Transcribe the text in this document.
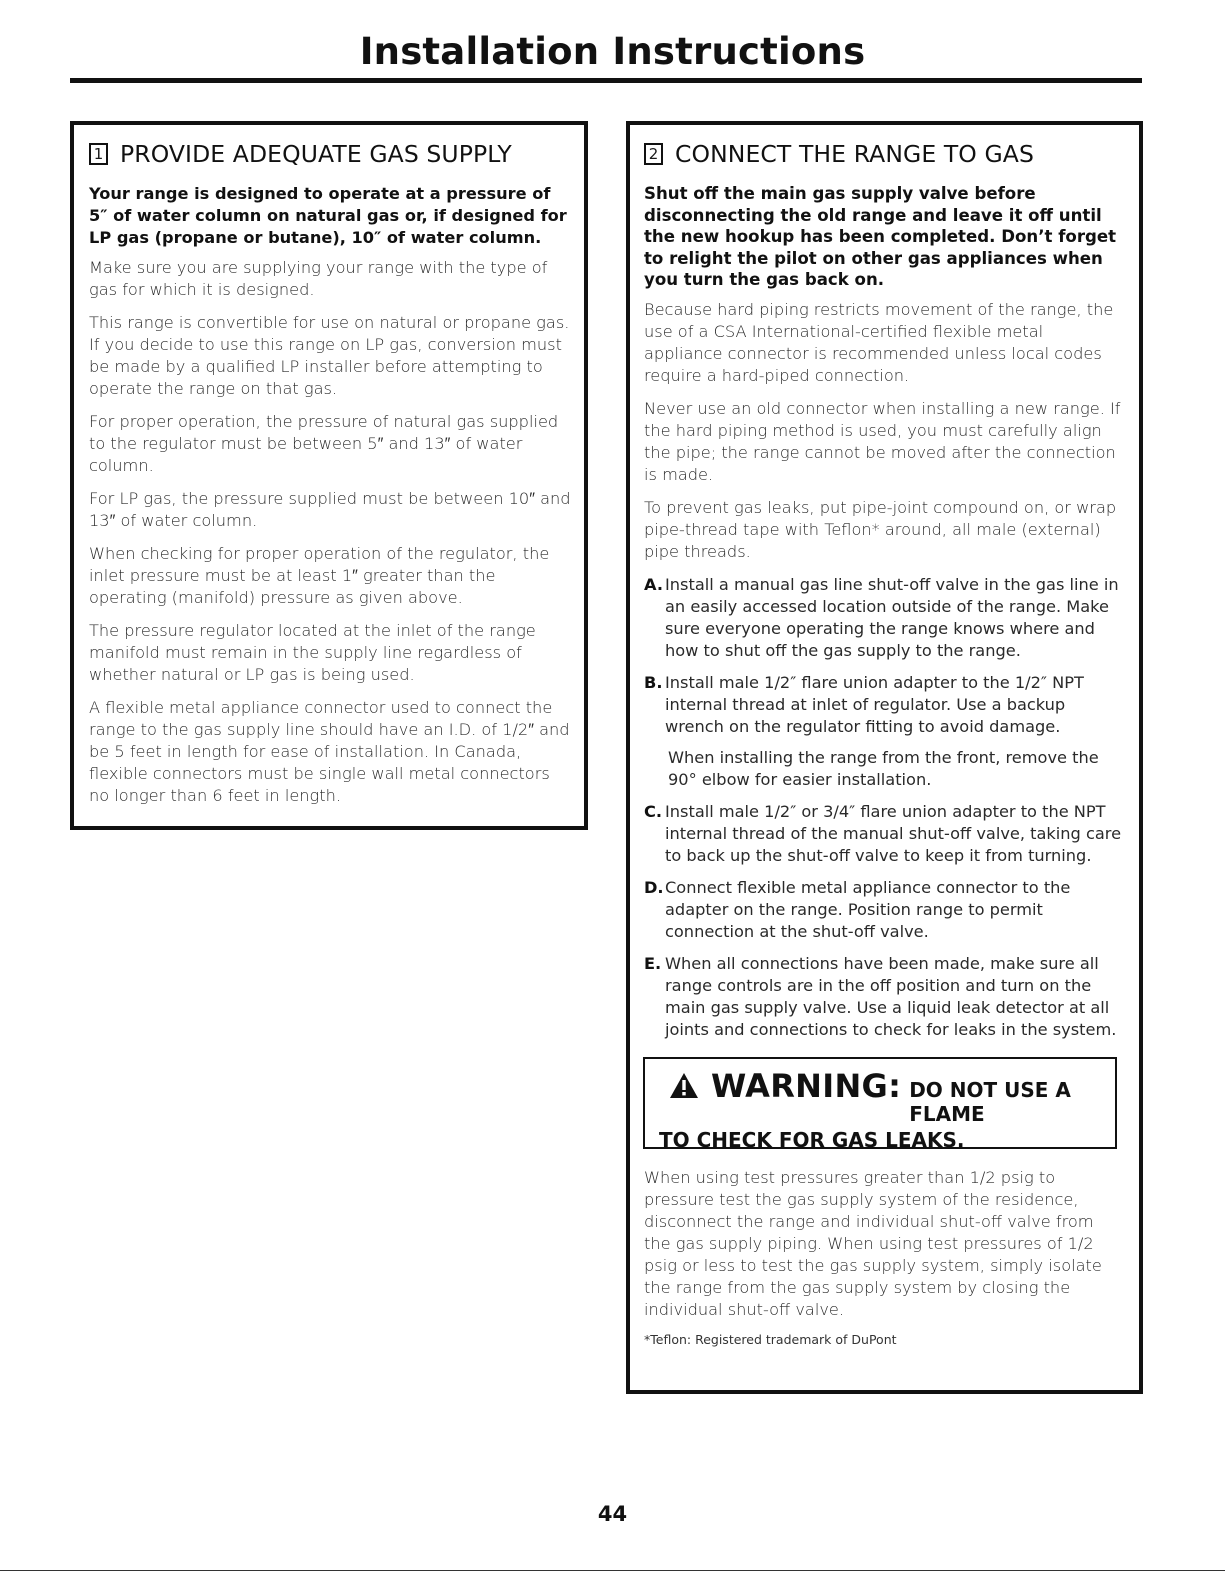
Installation Instructions
1 PROVIDE ADEQUATE GAS SUPPLY
Your range is designed to operate at a pressure of 5″ of water column on natural gas or, if designed for LP gas (propane or butane), 10″ of water column.

Make sure you are supplying your range with the type of gas for which it is designed.

This range is convertible for use on natural or propane gas. If you decide to use this range on LP gas, conversion must be made by a qualified LP installer before attempting to operate the range on that gas.

For proper operation, the pressure of natural gas supplied to the regulator must be between 5″ and 13″ of water column.

For LP gas, the pressure supplied must be between 10″ and 13″ of water column.

When checking for proper operation of the regulator, the inlet pressure must be at least 1″ greater than the operating (manifold) pressure as given above.

The pressure regulator located at the inlet of the range manifold must remain in the supply line regardless of whether natural or LP gas is being used.

A flexible metal appliance connector used to connect the range to the gas supply line should have an I.D. of 1/2″ and be 5 feet in length for ease of installation. In Canada, flexible connectors must be single wall metal connectors no longer than 6 feet in length.

2 CONNECT THE RANGE TO GAS
Shut off the main gas supply valve before disconnecting the old range and leave it off until the new hookup has been completed. Don’t forget to relight the pilot on other gas appliances when you turn the gas back on.

Because hard piping restricts movement of the range, the use of a CSA International-certified flexible metal appliance connector is recommended unless local codes require a hard-piped connection.

Never use an old connector when installing a new range. If the hard piping method is used, you must carefully align the pipe; the range cannot be moved after the connection is made.

To prevent gas leaks, put pipe-joint compound on, or wrap pipe-thread tape with Teflon* around, all male (external) pipe threads.

A. Install a manual gas line shut-off valve in the gas line in an easily accessed location outside of the range. Make sure everyone operating the range knows where and how to shut off the gas supply to the range.
B. Install male 1/2″ flare union adapter to the 1/2″ NPT internal thread at inlet of regulator. Use a backup wrench on the regulator fitting to avoid damage.
When installing the range from the front, remove the 90° elbow for easier installation.
C. Install male 1/2″ or 3/4″ flare union adapter to the NPT internal thread of the manual shut-off valve, taking care to back up the shut-off valve to keep it from turning.
D. Connect flexible metal appliance connector to the adapter on the range. Position range to permit connection at the shut-off valve.
E. When all connections have been made, make sure all range controls are in the off position and turn on the main gas supply valve. Use a liquid leak detector at all joints and connections to check for leaks in the system.
WARNING: DO NOT USE A FLAME
TO CHECK FOR GAS LEAKS.

When using test pressures greater than 1/2 psig to pressure test the gas supply system of the residence, disconnect the range and individual shut-off valve from the gas supply piping. When using test pressures of 1/2 psig or less to test the gas supply system, simply isolate the range from the gas supply system by closing the individual shut-off valve.

*Teflon: Registered trademark of DuPont
44
